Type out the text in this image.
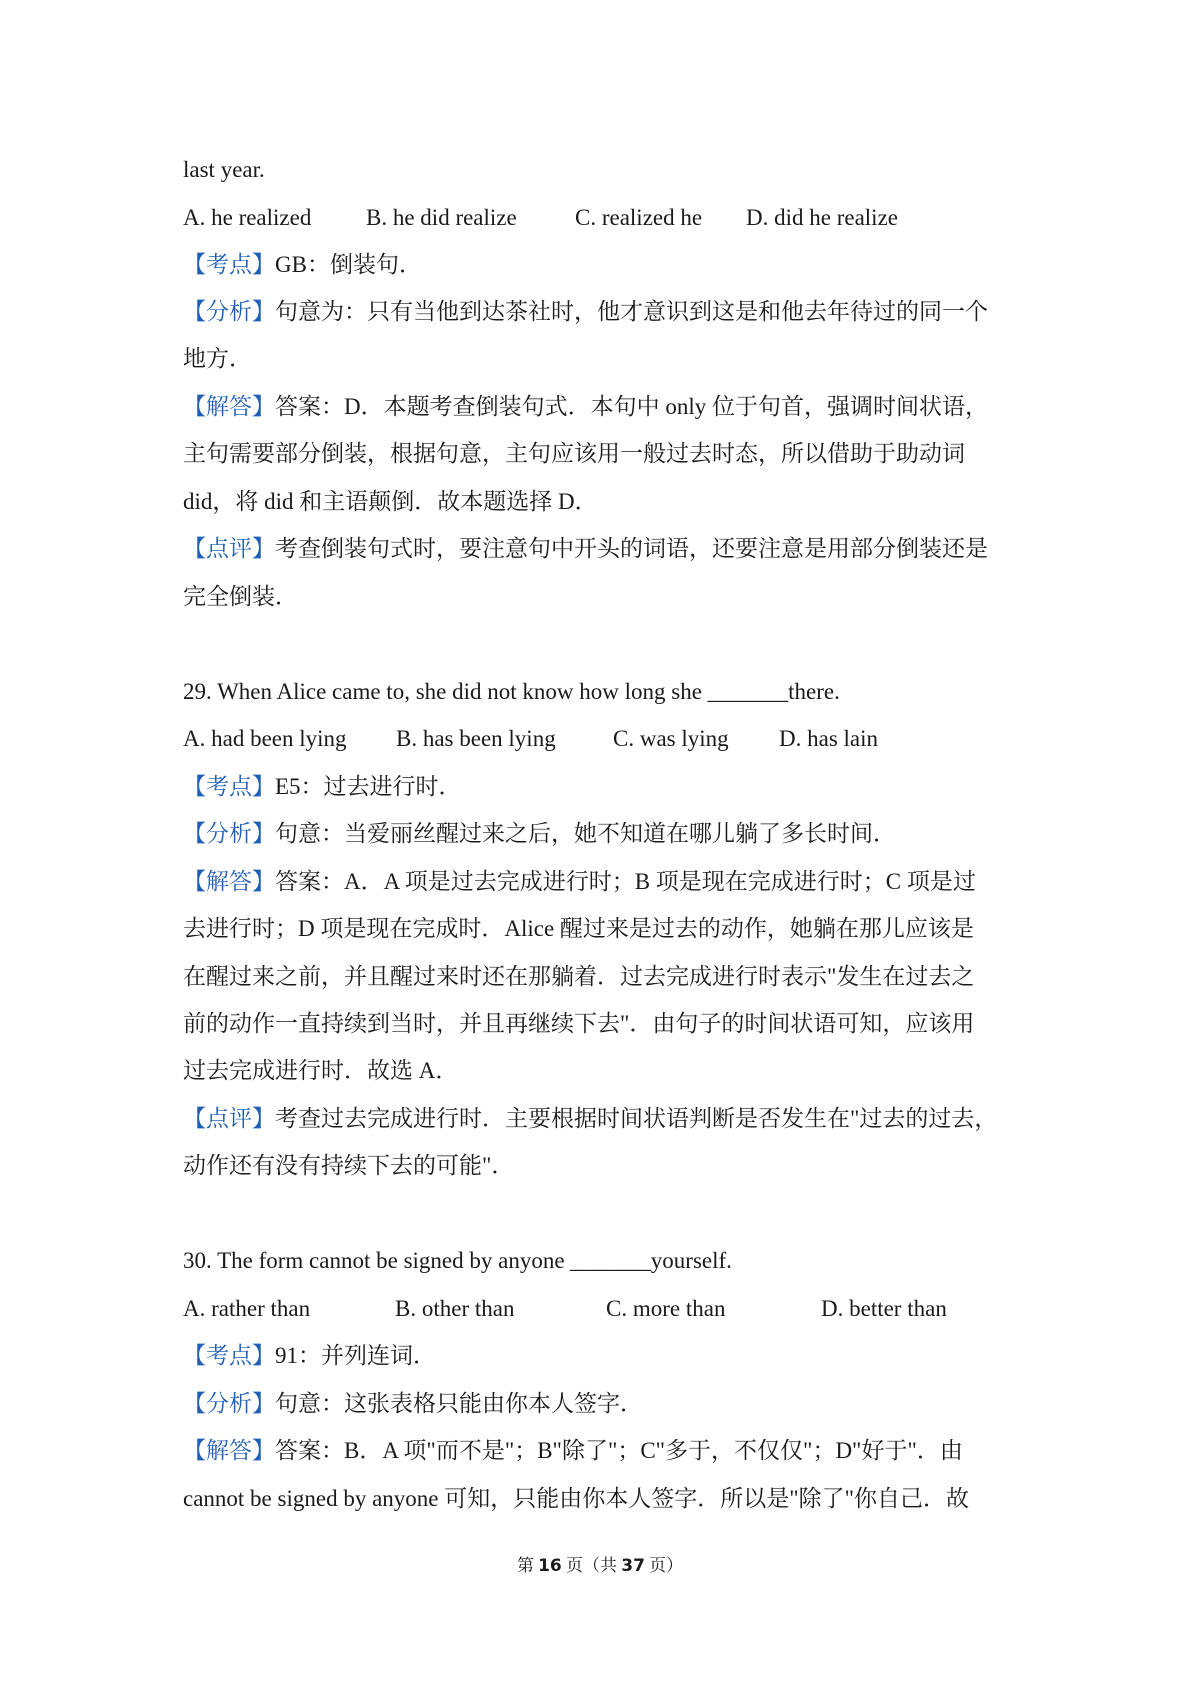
last year.
A. he realized B. he did realize	C. realized he D. did he realize
【考点】GB：倒装句．
【分析】句意为：只有当他到达茶社时，他才意识到这是和他去年待过的同一个
地方．
【解答】答案：D．本题考查倒装句式．本句中 only 位于句首，强调时间状语，
主句需要部分倒装，根据句意，主句应该用一般过去时态，所以借助于助动词
did，将 did 和主语颠倒．故本题选择 D．
【点评】考查倒装句式时，要注意句中开头的词语，还要注意是用部分倒装还是
完全倒装．
29. When Alice came to, she did not know how long she _______there.
A. had been lying B. has been lying C. was lying D. has lain
【考点】E5：过去进行时．
【分析】句意：当爱丽丝醒过来之后，她不知道在哪儿躺了多长时间．
【解答】答案：A．A 项是过去完成进行时；B 项是现在完成进行时；C 项是过
去进行时；D 项是现在完成时．Alice 醒过来是过去的动作，她躺在那儿应该是
在醒过来之前，并且醒过来时还在那躺着．过去完成进行时表示"发生在过去之
前的动作一直持续到当时，并且再继续下去"．由句子的时间状语可知，应该用
过去完成进行时．故选 A．
【点评】考查过去完成进行时．主要根据时间状语判断是否发生在"过去的过去，
动作还有没有持续下去的可能"．
30. The form cannot be signed by anyone _______yourself.
A. rather than	B. other than	C. more than	D. better than
【考点】91：并列连词．
【分析】句意：这张表格只能由你本人签字．
【解答】答案：B．A 项"而不是"；B"除了"；C"多于，不仅仅"；D"好于"．由
cannot be signed by anyone 可知，只能由你本人签字．所以是"除了"你自己．故
第 16 页（共 37 页）
